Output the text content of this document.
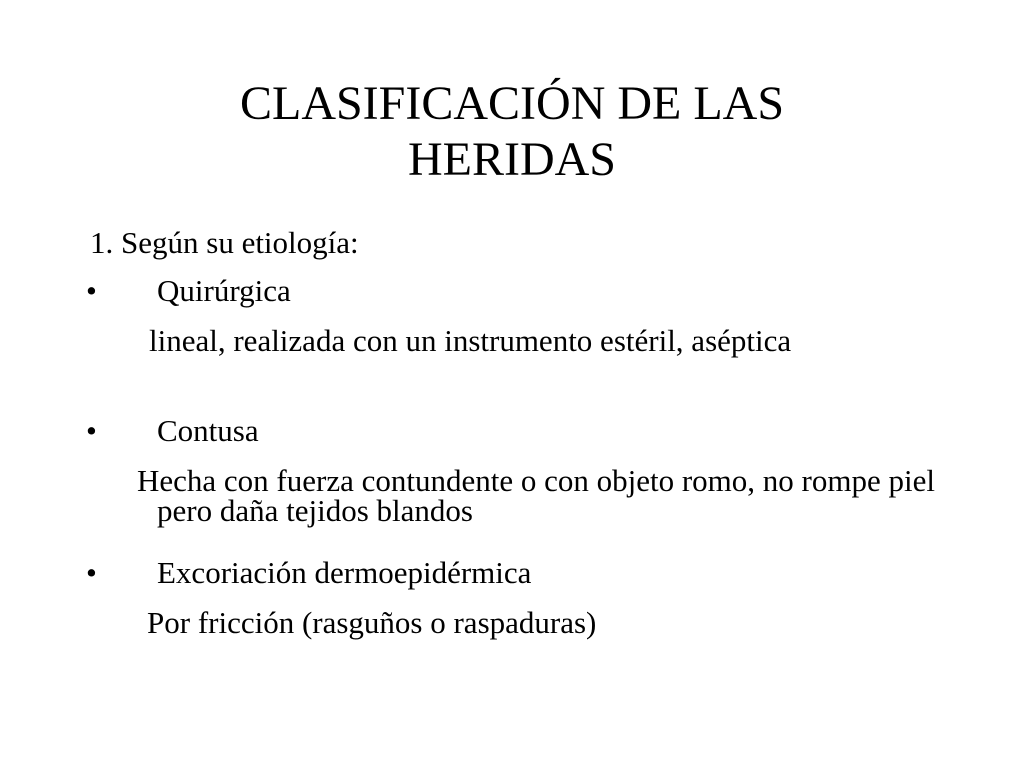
CLASIFICACIÓN DE LAS
HERIDAS

1. Según su etiología:

• Quirúrgica

lineal, realizada con un instrumento estéril, aséptica

• Contusa

Hecha con fuerza contundente o con objeto romo, no rompe piel pero daña tejidos blandos

• Excoriación dermoepidérmica

Por fricción (rasguños o raspaduras)
